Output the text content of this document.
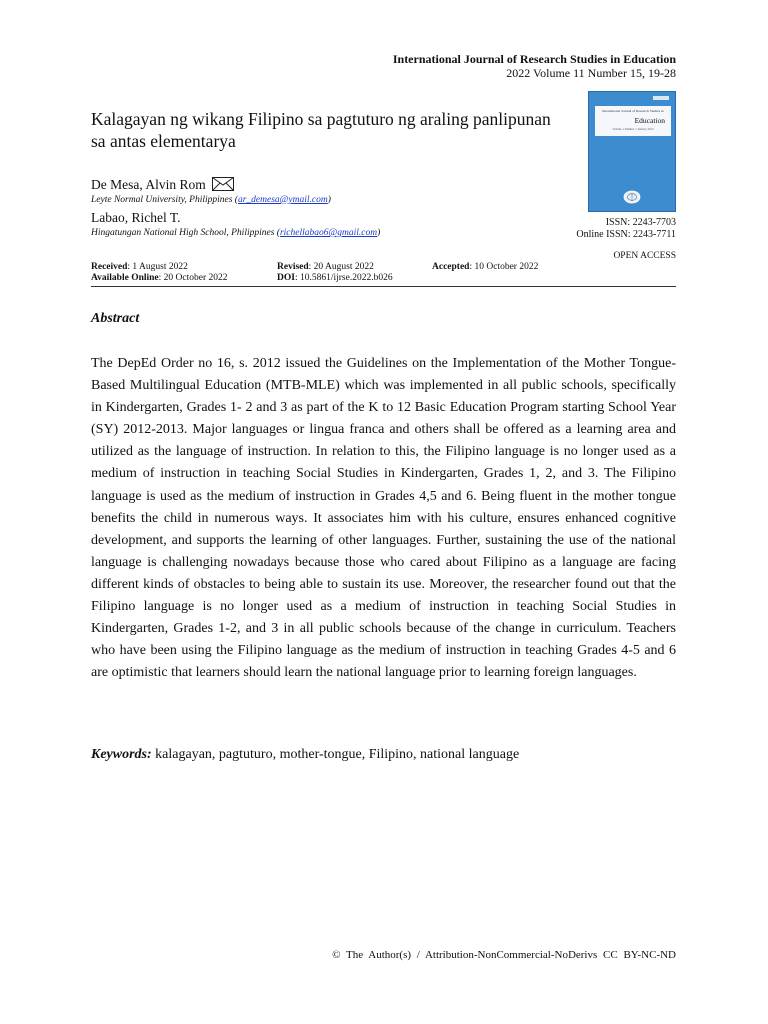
International Journal of Research Studies in Education
2022 Volume 11 Number 15, 19-28
Kalagayan ng wikang Filipino sa pagtuturo ng araling panlipunan sa antas elementarya
De Mesa, Alvin Rom
Leyte Normal University, Philippines (ar_demesa@ymail.com)
Labao, Richel T.
Hingatungan National High School, Philippines (richellabao6@gmail.com)
International Journal of Research Studies in
Education
Volume 1 Number 1 January 2012
ISSN: 2243-7703
Online ISSN: 2243-7711
OPEN ACCESS
Received: 1 August 2022	Revised: 20 August 2022	Accepted: 10 October 2022
Available Online: 20 October 2022	DOI: 10.5861/ijrse.2022.b026
Abstract

The DepEd Order no 16, s. 2012 issued the Guidelines on the Implementation of the Mother Tongue-Based Multilingual Education (MTB-MLE) which was implemented in all public schools, specifically in Kindergarten, Grades 1- 2 and 3 as part of the K to 12 Basic Education Program starting School Year (SY) 2012-2013. Major languages or lingua franca and others shall be offered as a learning area and utilized as the language of instruction. In relation to this, the Filipino language is no longer used as a medium of instruction in teaching Social Studies in Kindergarten, Grades 1, 2, and 3. The Filipino language is used as the medium of instruction in Grades 4,5 and 6. Being fluent in the mother tongue benefits the child in numerous ways. It associates him with his culture, ensures enhanced cognitive development, and supports the learning of other languages. Further, sustaining the use of the national language is challenging nowadays because those who cared about Filipino as a language are facing different kinds of obstacles to being able to sustain its use. Moreover, the researcher found out that the Filipino language is no longer used as a medium of instruction in teaching Social Studies in Kindergarten, Grades 1-2, and 3 in all public schools because of the change in curriculum. Teachers who have been using the Filipino language as the medium of instruction in teaching Grades 4-5 and 6 are optimistic that learners should learn the national language prior to learning foreign languages.

Keywords: kalagayan, pagtuturo, mother-tongue, Filipino, national language
© The Author(s) / Attribution-NonCommercial-NoDerivs CC BY-NC-ND
